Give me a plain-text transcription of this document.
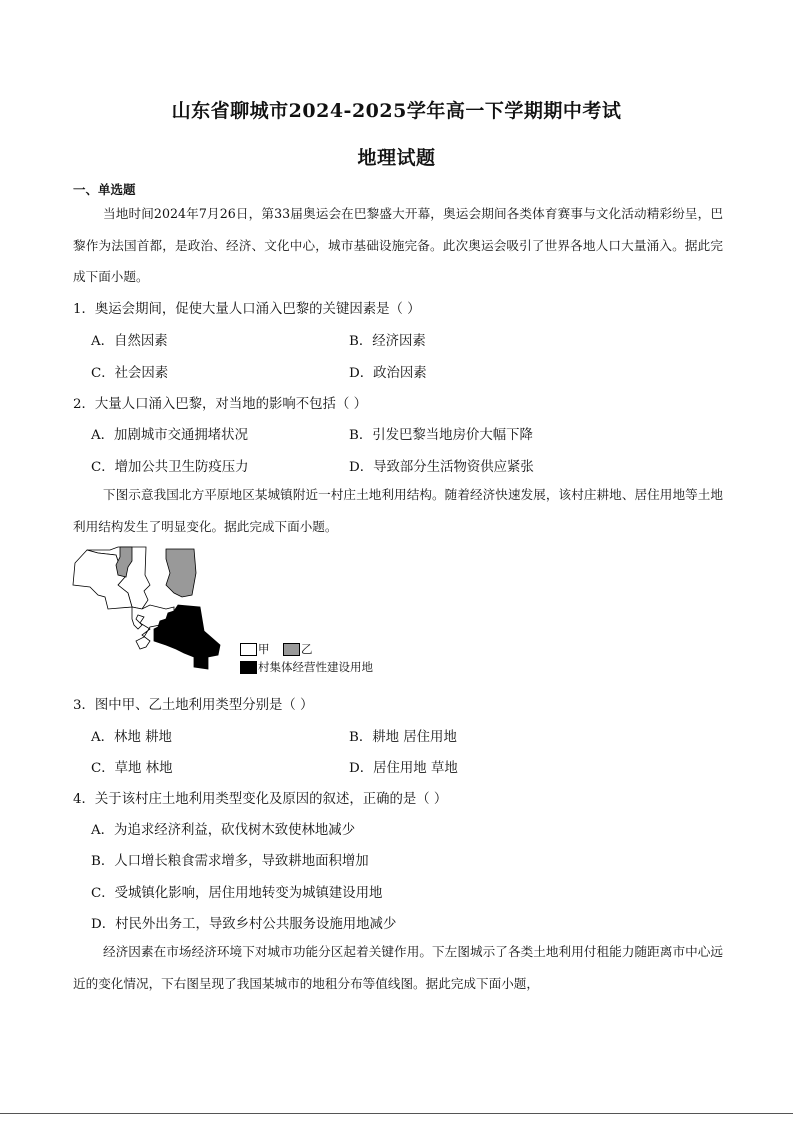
山东省聊城市2024-2025学年高一下学期期中考试
地理试题
一、单选题

当地时间2024年7月26日，第33届奥运会在巴黎盛大开幕，奥运会期间各类体育赛事与文化活动精彩纷呈，巴黎作为法国首都，是政治、经济、文化中心，城市基础设施完备。此次奥运会吸引了世界各地人口大量涌入。据此完成下面小题。

1．奥运会期间，促使大量人口涌入巴黎的关键因素是（ ）
A．自然因素	B．经济因素
C．社会因素	D．政治因素
2．大量人口涌入巴黎，对当地的影响不包括（ ）
A．加剧城市交通拥堵状况	B．引发巴黎当地房价大幅下降
C．增加公共卫生防疫压力	D．导致部分生活物资供应紧张

下图示意我国北方平原地区某城镇附近一村庄土地利用结构。随着经济快速发展，该村庄耕地、居住用地等土地利用结构发生了明显变化。据此完成下面小题。

甲	乙
村集体经营性建设用地
3．图中甲、乙土地利用类型分别是（ ）
A．林地 耕地	B．耕地 居住用地
C．草地 林地	D．居住用地 草地
4．关于该村庄土地利用类型变化及原因的叙述，正确的是（ ）
A．为追求经济利益，砍伐树木致使林地减少
B．人口增长粮食需求增多，导致耕地面积增加
C．受城镇化影响，居住用地转变为城镇建设用地
D．村民外出务工，导致乡村公共服务设施用地减少

经济因素在市场经济环境下对城市功能分区起着关键作用。下左图城示了各类土地利用付租能力随距离市中心远近的变化情况，下右图呈现了我国某城市的地租分布等值线图。据此完成下面小题，
